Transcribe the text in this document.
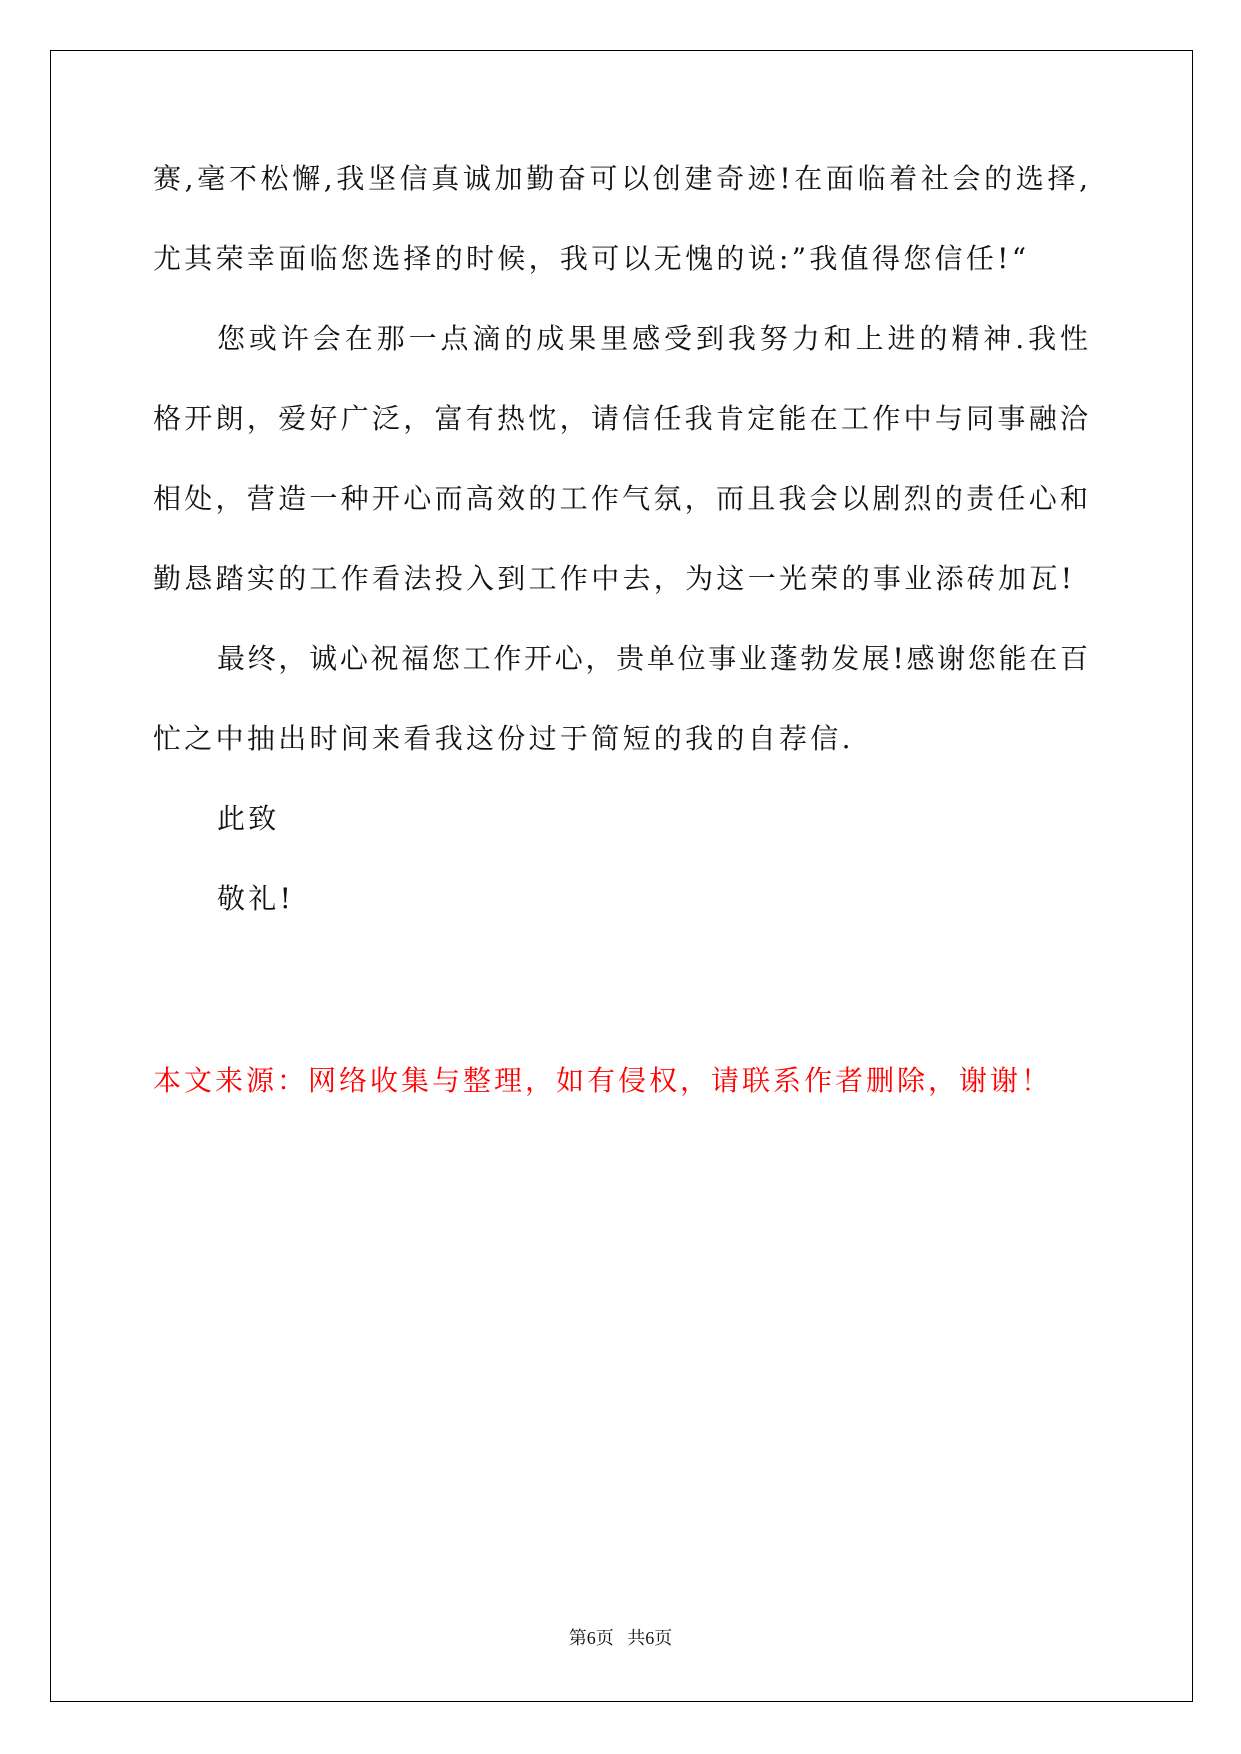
赛,毫不松懈,我坚信真诚加勤奋可以创建奇迹!在面临着社会的选择,
尤其荣幸面临您选择的时候，我可以无愧的说:”我值得您信任!“
您或许会在那一点滴的成果里感受到我努力和上进的精神.我性
格开朗，爱好广泛，富有热忱，请信任我肯定能在工作中与同事融洽
相处，营造一种开心而高效的工作气氛，而且我会以剧烈的责任心和
勤恳踏实的工作看法投入到工作中去，为这一光荣的事业添砖加瓦!
最终，诚心祝福您工作开心，贵单位事业蓬勃发展!感谢您能在百
忙之中抽出时间来看我这份过于简短的我的自荐信.
此致
敬礼!
本文来源：网络收集与整理，如有侵权，请联系作者删除，谢谢！
第6页   共6页
